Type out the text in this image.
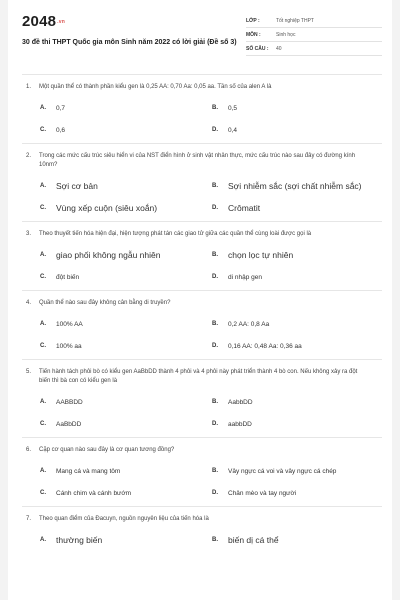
2048.vn
30 đề thi THPT Quốc gia môn Sinh năm 2022 có lời giải (Đề số 3)
LỚP :	Tốt nghiệp THPT
MÔN :	Sinh học
SỐ CÂU :	40
1.	Một quần thể có thành phần kiểu gen là 0,25 AA: 0,70 Aa: 0,05 aa. Tần số của alen A là
A.	0,7	B.	0,5
C.	0,6	D.	0,4
2.	Trong các mức cấu trúc siêu hiển vi của NST điển hình ở sinh vật nhân thực, mức cấu trúc nào sau đây có đường kính 10nm?
A.	Sợi cơ bản	B.	Sợi nhiễm sắc (sợi chất nhiễm sắc)
C.	Vùng xếp cuộn (siêu xoắn)	D.	Crômatit
3.	Theo thuyết tiến hóa hiện đại, hiện tượng phát tán các giao tử giữa các quần thể cùng loài được gọi là
A.	giao phối không ngẫu nhiên	B.	chọn lọc tự nhiên
C.	đột biến	D.	di nhập gen
4.	Quần thể nào sau đây không cân bằng di truyền?
A.	100% AA	B.	0,2 AA: 0,8 Aa
C.	100% aa	D.	0,16 AA: 0,48 Aa: 0,36 aa
5.	Tiến hành tách phôi bò có kiểu gen AaBbDD thành 4 phôi và 4 phôi này phát triển thành 4 bò con. Nếu không xảy ra đột biến thì bà con có kiểu gen là
A.	AABBDD	B.	AabbDD
C.	AaBbDD	D.	aabbDD
6.	Cặp cơ quan nào sau đây là cơ quan tương đồng?
A.	Mang cá và mang tôm	B.	Vây ngực cá voi và vây ngực cá chép
C.	Cánh chim và cánh bướm	D.	Chân mèo và tay người
7.	Theo quan điểm của Đacuyn, nguồn nguyên liệu của tiến hóa là
A.	thường biến	B.	biến dị cá thể
